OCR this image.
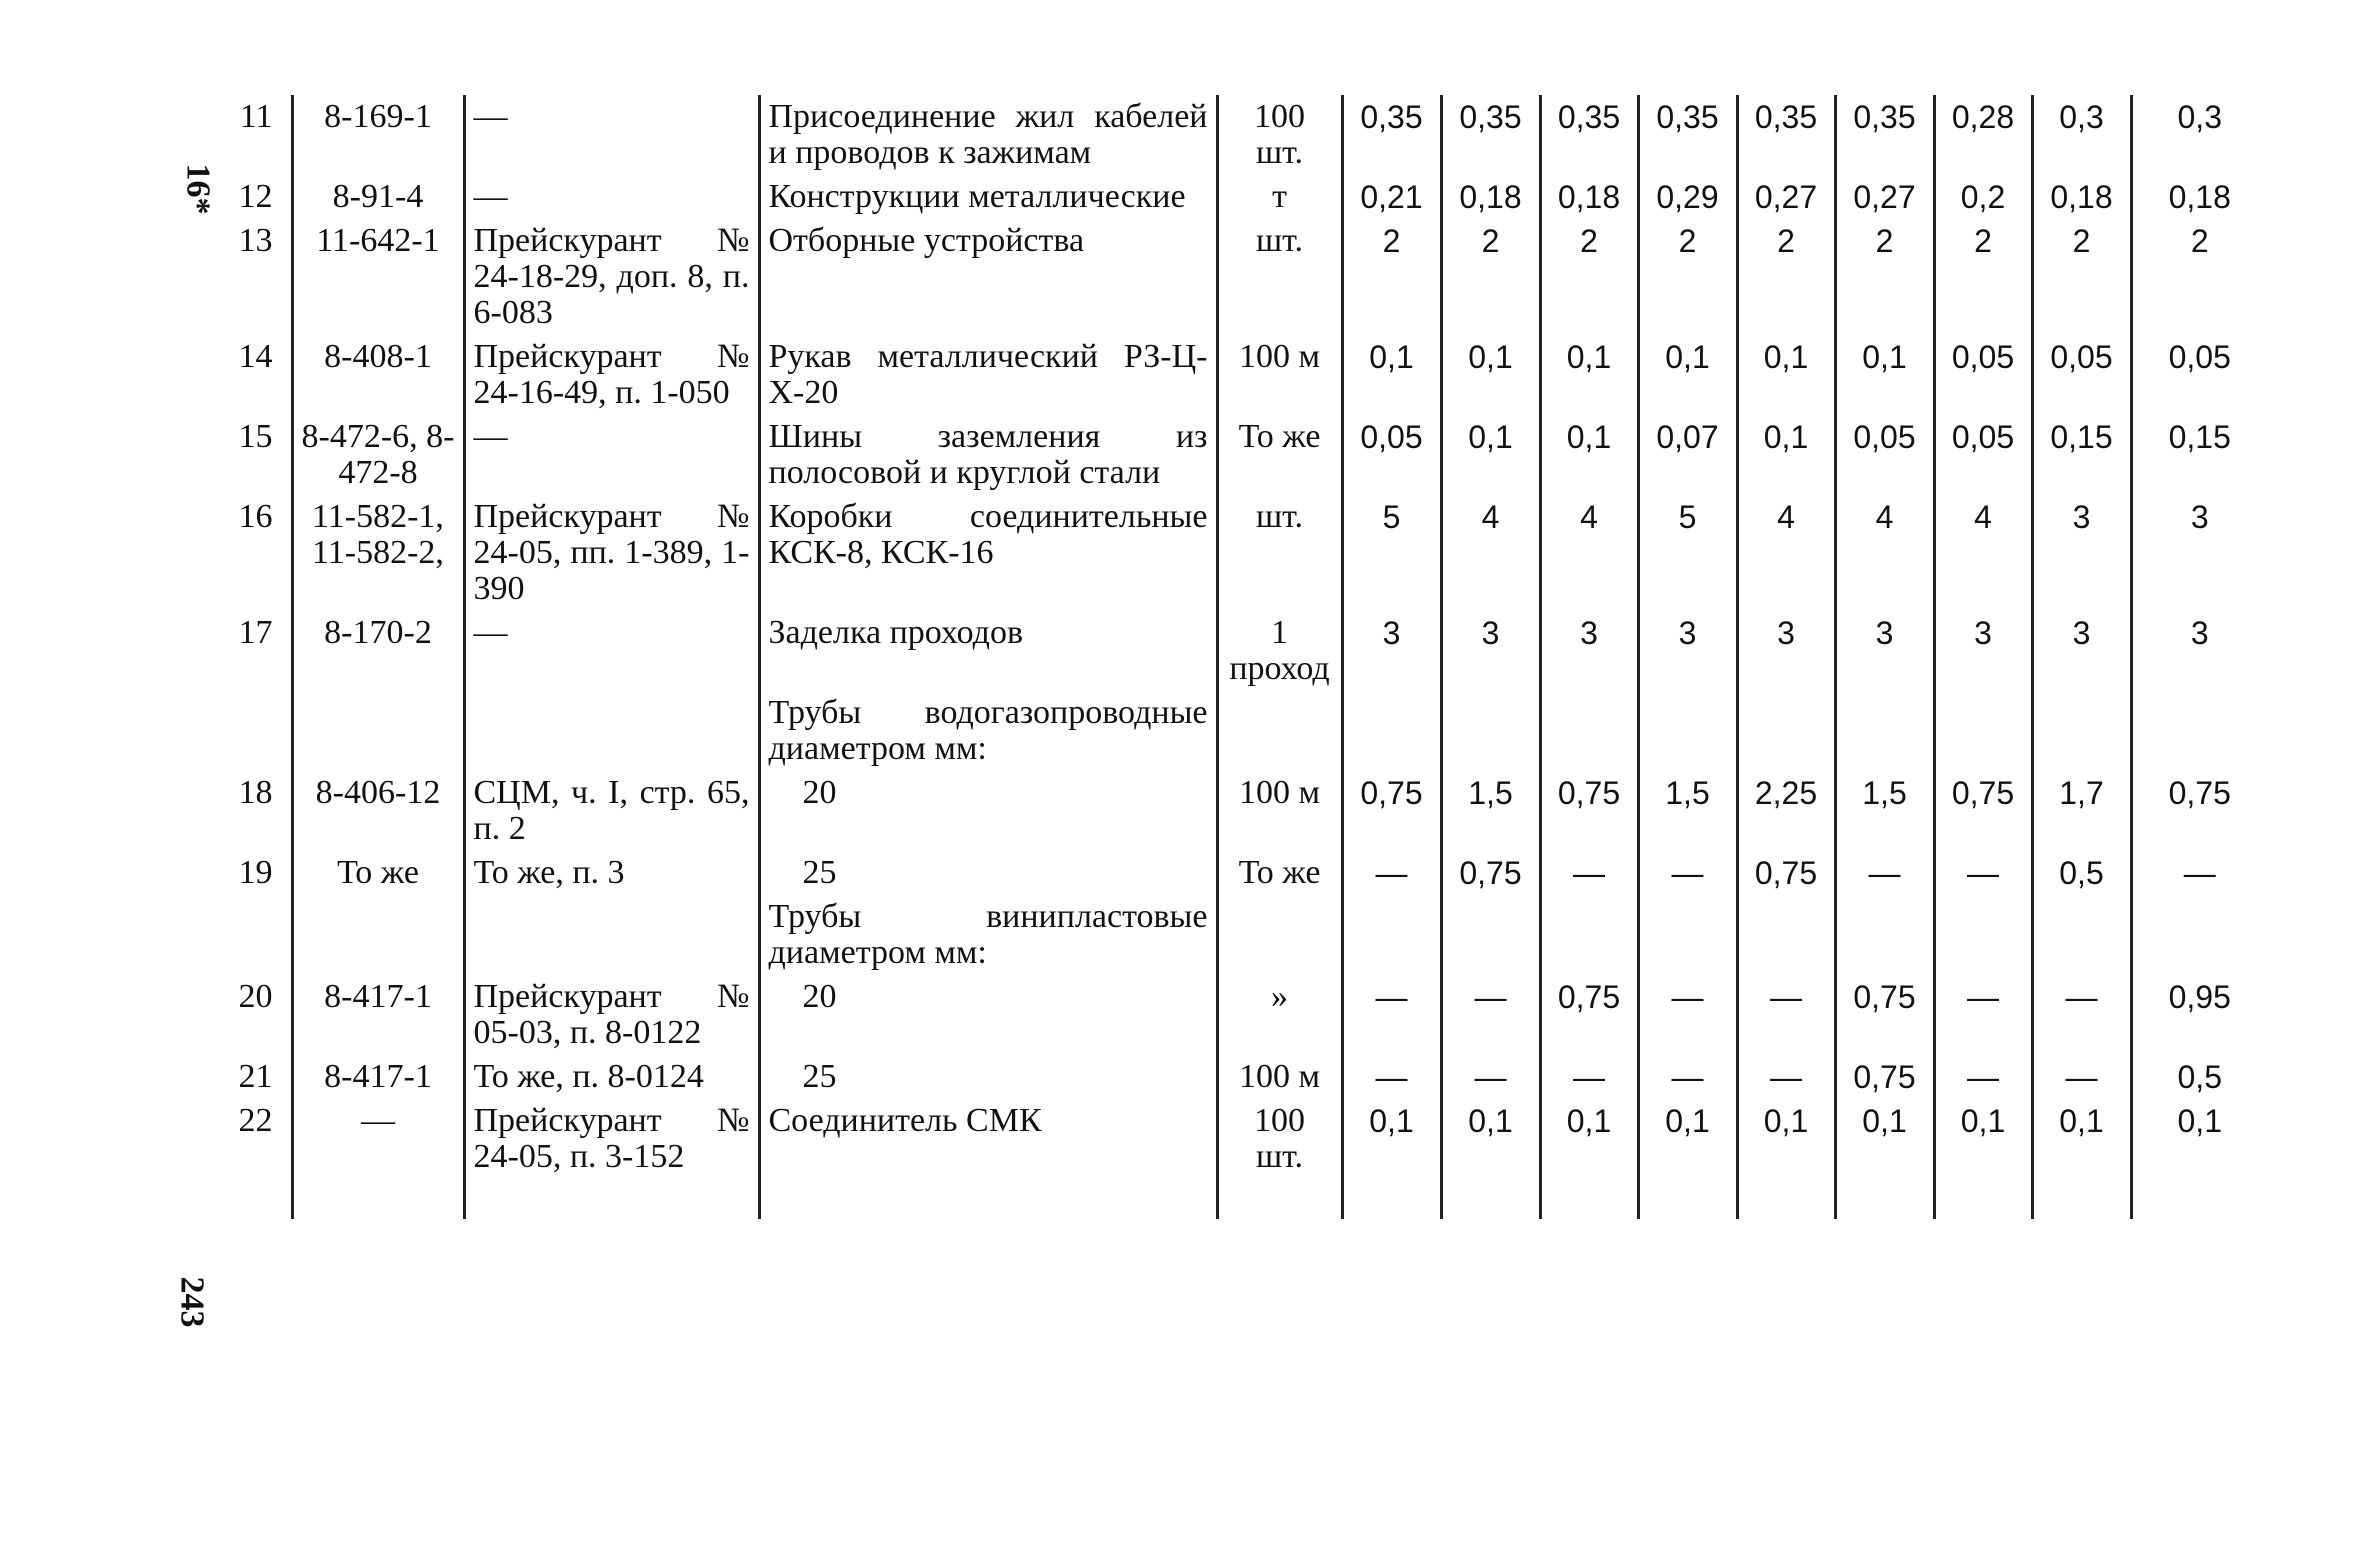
16*
243
11	8-169-1	—	Присоединение жил кабелей и проводов к зажимам	100 шт.	0,35	0,35	0,35	0,35	0,35	0,35	0,28	0,3	0,3
12	8-91-4	—	Конструкции металлические	т	0,21	0,18	0,18	0,29	0,27	0,27	0,2	0,18	0,18
13	11-642-1	Прейскурант № 24-18-29, доп. 8, п. 6-083	Отборные устройства	шт.	2	2	2	2	2	2	2	2	2
14	8-408-1	Прейскурант № 24-16-49, п. 1-050	Рукав металлический РЗ-Ц-Х-20	100 м	0,1	0,1	0,1	0,1	0,1	0,1	0,05	0,05	0,05
15	8-472-6, 8-472-8	—	Шины заземления из полосовой и круглой стали	То же	0,05	0,1	0,1	0,07	0,1	0,05	0,05	0,15	0,15
16	11-582-1, 11-582-2,	Прейскурант № 24-05, пп. 1-389, 1-390	Коробки соединительные КСК-8, КСК-16	шт.	5	4	4	5	4	4	4	3	3
17	8-170-2	—	Заделка проходов	1 проход	3	3	3	3	3	3	3	3	3
			Трубы водогазопроводные диаметром мм:										
18	8-406-12	СЦМ, ч. I, стр. 65, п. 2	20	100 м	0,75	1,5	0,75	1,5	2,25	1,5	0,75	1,7	0,75
19	То же	То же, п. 3	25	То же	—	0,75	—	—	0,75	—	—	0,5	—
			Трубы винипластовые диаметром мм:										
20	8-417-1	Прейскурант № 05-03, п. 8-0122	20	»	—	—	0,75	—	—	0,75	—	—	0,95
21	8-417-1	То же, п. 8-0124	25	100 м	—	—	—	—	—	0,75	—	—	0,5
22	—	Прейскурант № 24-05, п. 3-152	Соединитель СМК	100 шт.	0,1	0,1	0,1	0,1	0,1	0,1	0,1	0,1	0,1
